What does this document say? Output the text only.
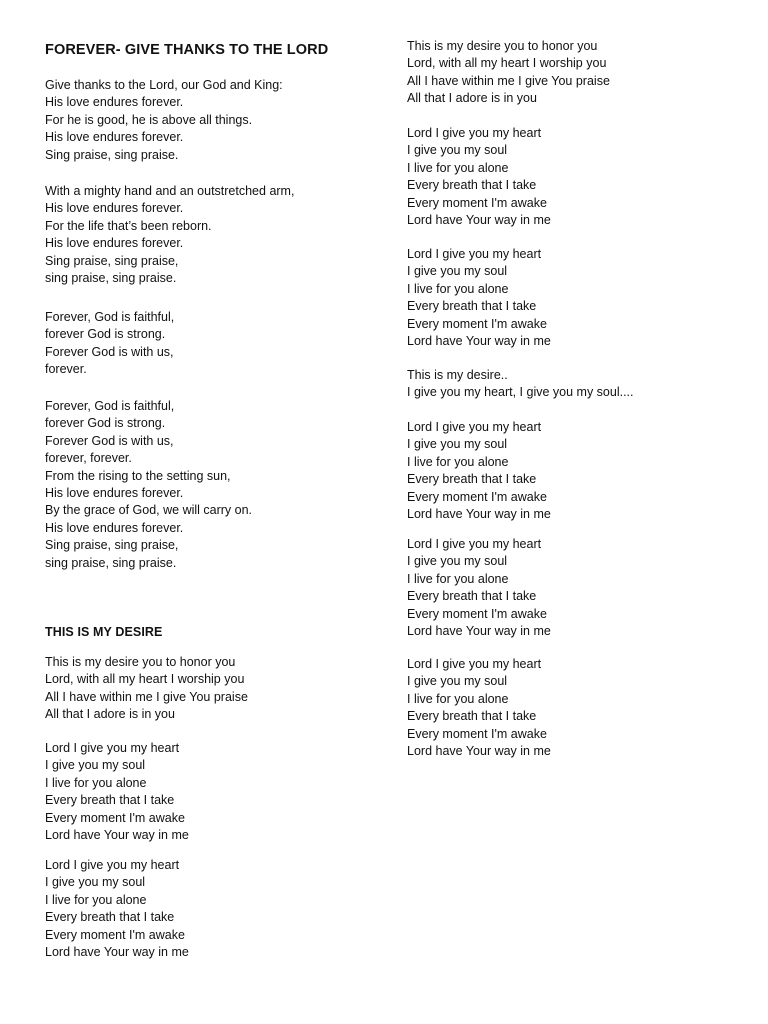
FOREVER- GIVE THANKS TO THE LORD
Give thanks to the Lord, our God and King:
His love endures forever.
For he is good, he is above all things.
His love endures forever.
Sing praise, sing praise.
With a mighty hand and an outstretched arm,
His love endures forever.
For the life that’s been reborn.
His love endures forever.
Sing praise, sing praise,
sing praise, sing praise.
Forever, God is faithful,
forever God is strong.
Forever God is with us,
forever.
Forever, God is faithful,
forever God is strong.
Forever God is with us,
forever, forever.
From the rising to the setting sun,
His love endures forever.
By the grace of God, we will carry on.
His love endures forever.
Sing praise, sing praise,
sing praise, sing praise.
THIS IS MY DESIRE
This is my desire you to honor you
Lord, with all my heart I worship you
All I have within me I give You praise
All that I adore is in you
Lord I give you my heart
I give you my soul
I live for you alone
Every breath that I take
Every moment I'm awake
Lord have Your way in me
Lord I give you my heart
I give you my soul
I live for you alone
Every breath that I take
Every moment I'm awake
Lord have Your way in me
This is my desire you to honor you
Lord, with all my heart I worship you
All I have within me I give You praise
All that I adore is in you
Lord I give you my heart
I give you my soul
I live for you alone
Every breath that I take
Every moment I'm awake
Lord have Your way in me
Lord I give you my heart
I give you my soul
I live for you alone
Every breath that I take
Every moment I'm awake
Lord have Your way in me
This is my desire..
I give you my heart, I give you my soul....
Lord I give you my heart
I give you my soul
I live for you alone
Every breath that I take
Every moment I'm awake
Lord have Your way in me
Lord I give you my heart
I give you my soul
I live for you alone
Every breath that I take
Every moment I'm awake
Lord have Your way in me
Lord I give you my heart
I give you my soul
I live for you alone
Every breath that I take
Every moment I'm awake
Lord have Your way in me
